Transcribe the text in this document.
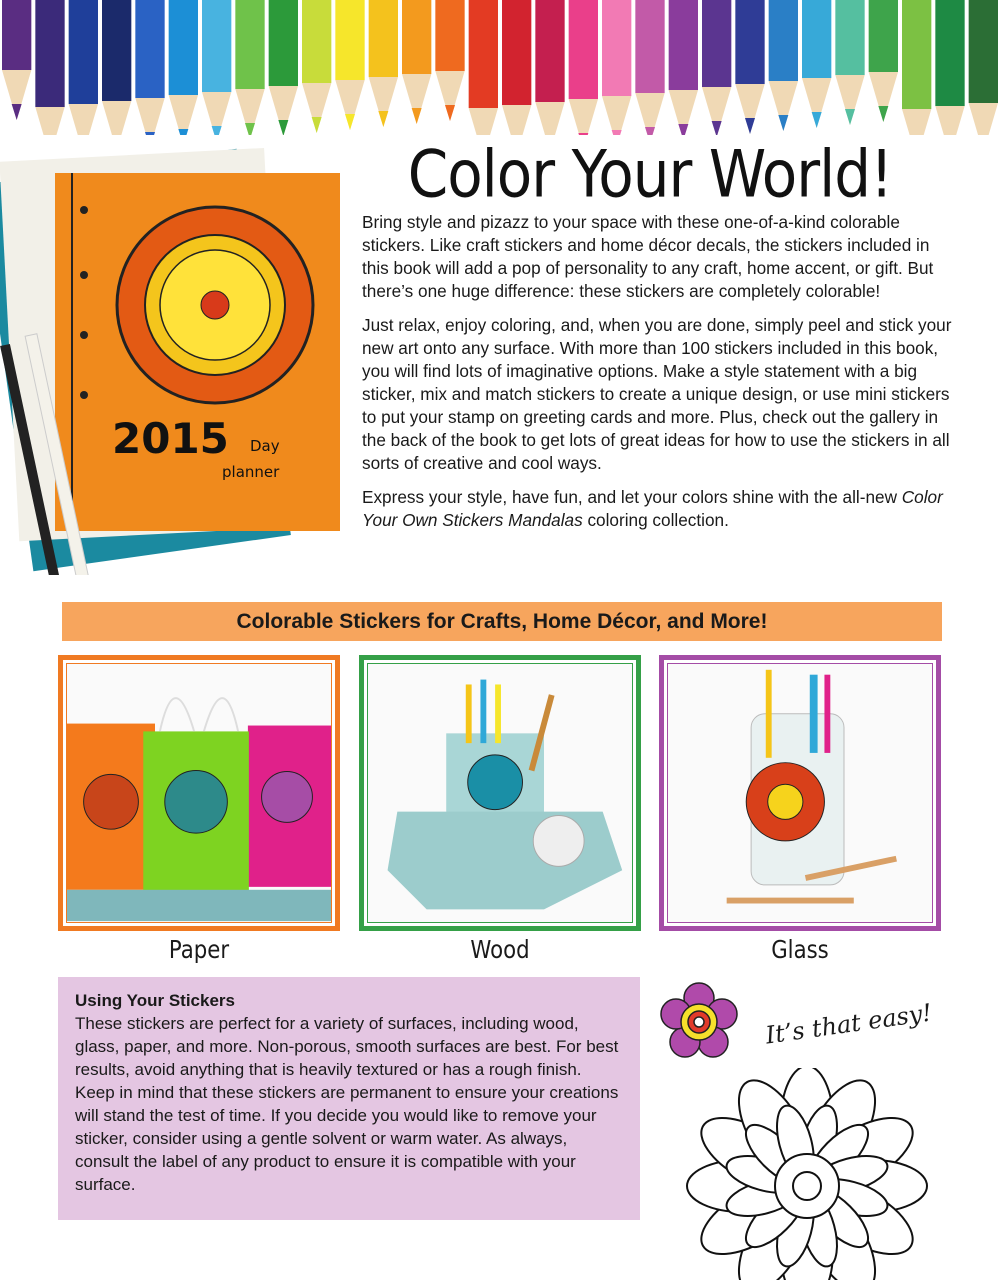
2015 Day
planner
Color Your World!

Bring style and pizazz to your space with these one-of-a-kind colorable stickers. Like craft stickers and home décor decals, the stickers included in this book will add a pop of personality to any craft, home accent, or gift. But there’s one huge difference: these stickers are completely colorable!

Just relax, enjoy coloring, and, when you are done, simply peel and stick your new art onto any surface. With more than 100 stickers included in this book, you will find lots of imaginative options. Make a style statement with a big sticker, mix and match stickers to create a unique design, or use mini stickers to put your stamp on greeting cards and more. Plus, check out the gallery in the back of the book to get lots of great ideas for how to use the stickers in all sorts of creative and cool ways.

Express your style, have fun, and let your colors shine with the all-new Color Your Own Stickers Mandalas coloring collection.

Colorable Stickers for Crafts, Home Décor, and More!
Paper	Wood	Glass
Using Your Stickers

These stickers are perfect for a variety of surfaces, including wood, glass, paper, and more. Non-porous, smooth surfaces are best. For best results, avoid anything that is heavily textured or has a rough finish. Keep in mind that these stickers are permanent to ensure your creations will stand the test of time. If you decide you would like to remove your sticker, consider using a gentle solvent or warm water. As always, consult the label of any product to ensure it is compatible with your surface.

It’s that easy!
